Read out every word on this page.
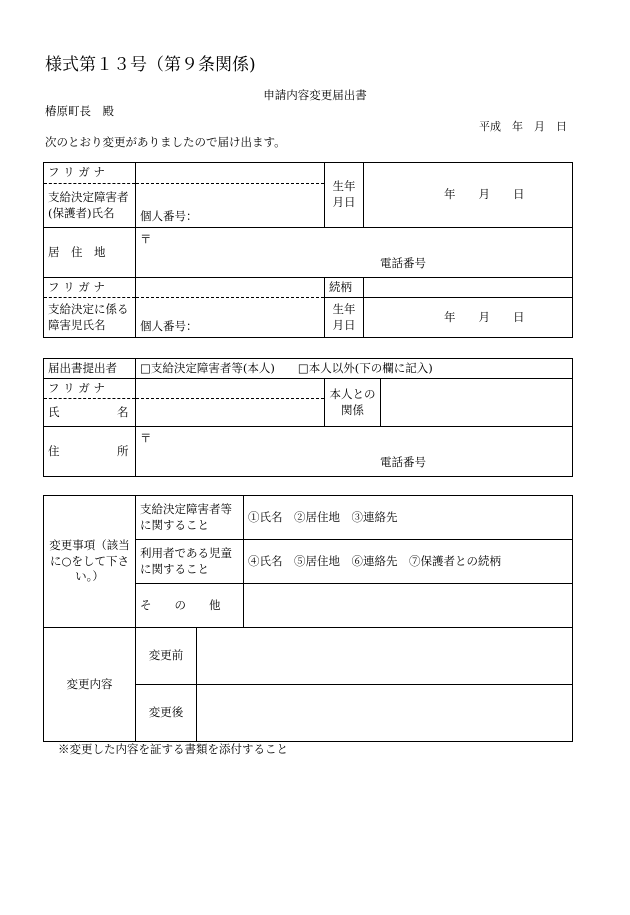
様式第１３号（第９条関係)
申請内容変更届出書
椿原町長　殿
平成　年　月　日
次のとおり変更がありましたので届け出ます。
フ リ ガ ナ		生年月日	年　　月　　日
支給決定障害者(保護者)氏名	個人番号：		
居　住　地	〒
電話番号		

フ リ ガ ナ		続柄	
支給決定に係る障害児氏名	個人番号：	生年月日	年　　月　　日
届出書提出者	□支給決定障害者等(本人)　　 □本人以外(下の欄に記入)		
フ リ ガ ナ		本人との関係	
氏　　　　　名			
住　　　　　所	〒
電話番号		
変更事項（該当に○をして下さい。）	支給決定障害者等に関すること		①氏名　②居住地　③連絡先
	利用者である児童に関すること		④氏名　⑤居住地　⑥連絡先　⑦保護者との続柄
	そ　　の　　他		
変更内容	変更前		
	変更後		
※変更した内容を証する書類を添付すること
